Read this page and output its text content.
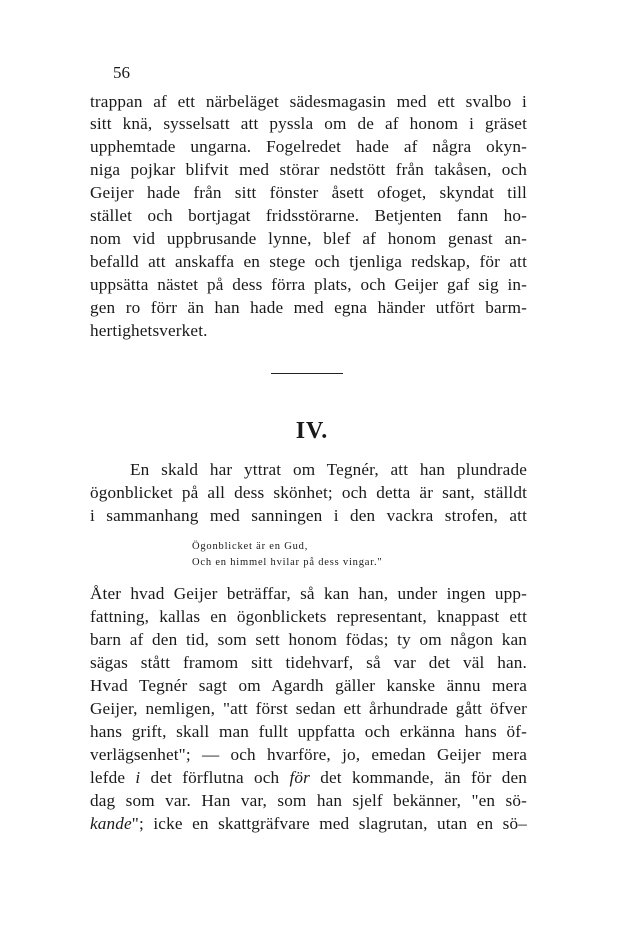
56
trappan af ett närbeläget sädesmagasin med ett svalbo i
sitt knä, sysselsatt att pyssla om de af honom i gräset
upphemtade ungarna. Fogelredet hade af några okyn-
niga pojkar blifvit med störar nedstött från takåsen, och
Geijer hade från sitt fönster åsett ofoget, skyndat till
stället och bortjagat fridsstörarne. Betjenten fann ho-
nom vid uppbrusande lynne, blef af honom genast an-
befalld att anskaffa en stege och tjenliga redskap, för att
uppsätta nästet på dess förra plats, och Geijer gaf sig in-
gen ro förr än han hade med egna händer utfört barm-
hertighetsverket.
IV.
En skald har yttrat om Tegnér, att han plundrade
ögonblicket på all dess skönhet; och detta är sant, ställdt
i sammanhang med sanningen i den vackra strofen, att
Ögonblicket är en Gud,
Och en himmel hvilar på dess vingar."
Åter hvad Geijer beträffar, så kan han, under ingen upp-
fattning, kallas en ögonblickets representant, knappast ett
barn af den tid, som sett honom födas; ty om någon kan
sägas stått framom sitt tidehvarf, så var det väl han.
Hvad Tegnér sagt om Agardh gäller kanske ännu mera
Geijer, nemligen, "att först sedan ett århundrade gått öfver
hans grift, skall man fullt uppfatta och erkänna hans öf-
verlägsenhet"; — och hvarföre, jo, emedan Geijer mera
lefde i det förflutna och för det kommande, än för den
dag som var. Han var, som han sjelf bekänner, "en sö-
kande"; icke en skattgräfvare med slagrutan, utan en sö–
